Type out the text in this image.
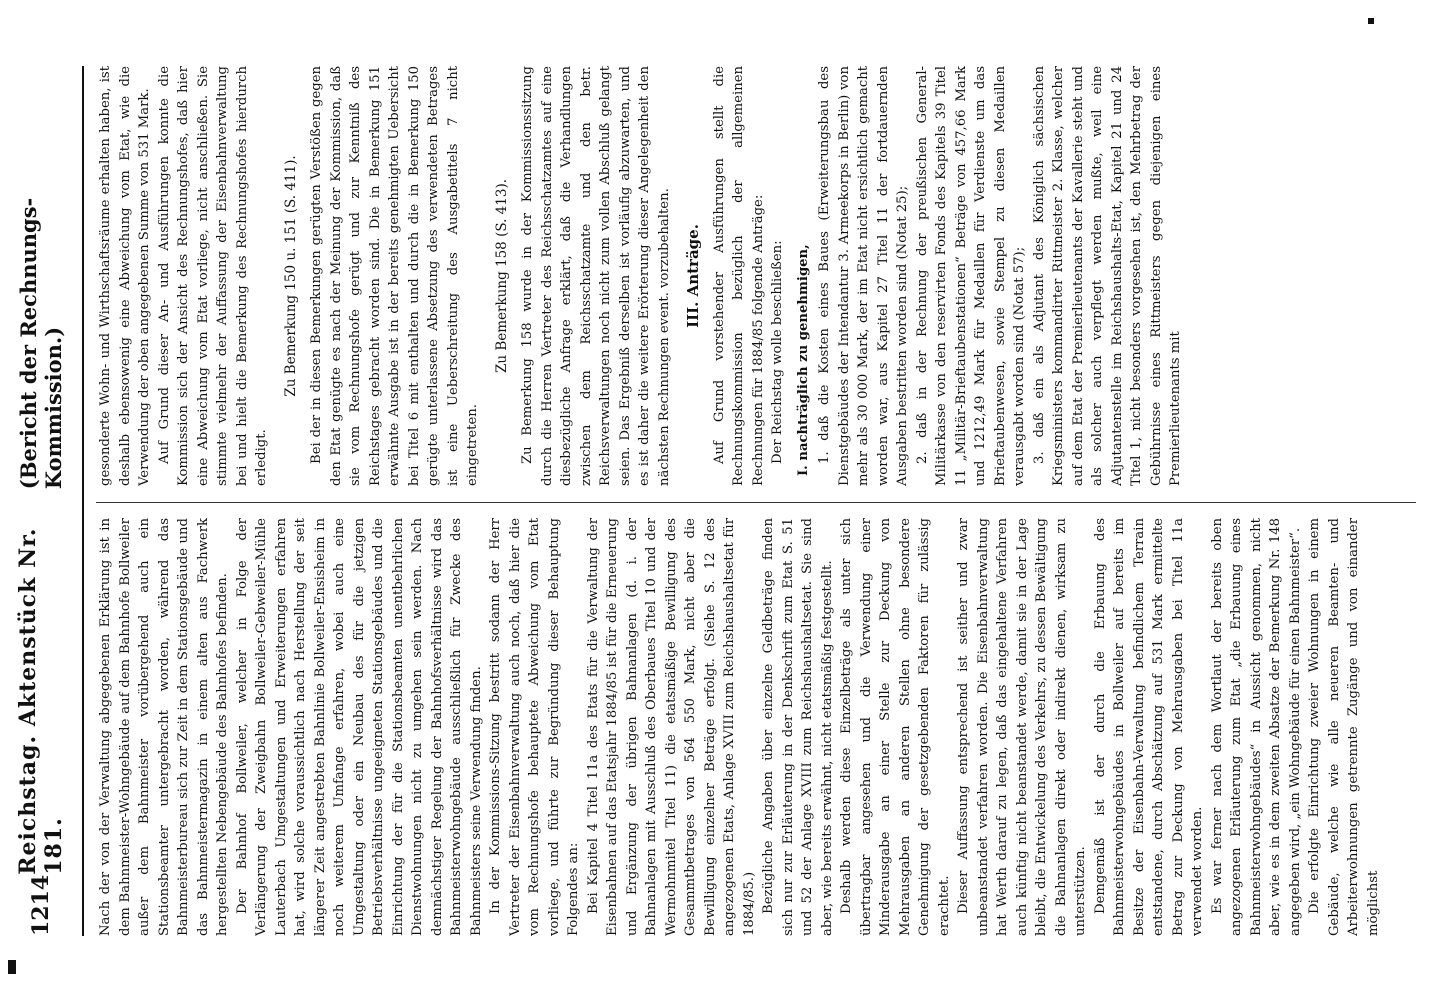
1214
Reichstag. Aktenstück Nr. 181.
(Bericht der Rechnungs-Kommission.)

Nach der von der Verwaltung abgegebenen Erklärung ist in dem Bahnmeister-Wohngebäude auf dem Bahnhofe Bollweiler außer dem Bahnmeister vorübergehend auch ein Stationsbeamter untergebracht worden, während das Bahnmeisterbureau sich zur Zeit in dem Stationsgebäude und das Bahnmeistermagazin in einem alten aus Fachwerk hergestellten Nebengebäude des Bahnhofes befinden. Der Bahnhof Bollweiler, welcher in Folge der Verlängerung der Zweigbahn Bollweiler-Gebweiler-Mühle Lauterbach Umgestaltungen und Erweiterungen erfahren hat, wird solche voraussichtlich nach Herstellung der seit längerer Zeit angestrebten Bahnlinie Bollweiler-Ensisheim in noch weiterem Umfange erfahren, wobei auch eine Umgestaltung oder ein Neubau des für die jetzigen Betriebsverhältnisse ungeeigneten Stationsgebäudes und die Einrichtung der für die Stationsbeamten unentbehrlichen Dienstwohnungen nicht zu umgehen sein werden. Nach demnächstiger Regelung der Bahnhofsverhältnisse wird das Bahnmeisterwohngebäude ausschließlich für Zwecke des Bahnmeisters seine Verwendung finden. In der Kommissions-Sitzung bestritt sodann der Herr Vertreter der Eisenbahnverwaltung auch noch, daß hier die vom Rechnungshofe behauptete Abweichung vom Etat vorliege, und führte zur Begründung dieser Behauptung Folgendes an: Bei Kapitel 4 Titel 11a des Etats für die Verwaltung der Eisenbahnen auf das Etatsjahr 1884/85 ist für die Erneuerung und Ergänzung der übrigen Bahnanlagen (d. i. der Bahnanlagen mit Ausschluß des Oberbaues Titel 10 und der Wermohnmitel Titel 11) die etatsmäßige Bewilligung des Gesammtbetrages von 564 550 Mark, nicht aber die Bewilligung einzelner Beträge erfolgt. (Siehe S. 12 des angezogenen Etats, Anlage XVIII zum Reichshaushaltsetat für 1884/85.) Bezügliche Angaben über einzelne Geldbeträge finden sich nur zur Erläuterung in der Denkschrift zum Etat S. 51 und 52 der Anlage XVIII zum Reichshaushaltsetat. Sie sind aber, wie bereits erwähnt, nicht etatsmäßig festgestellt. Deshalb werden diese Einzelbeträge als unter sich übertragbar angesehen und die Verwendung einer Minderausgabe an einer Stelle zur Deckung von Mehrausgaben an anderen Stellen ohne besondere Genehmigung der gesetzgebenden Faktoren für zulässig erachtet. Dieser Auffassung entsprechend ist seither und zwar unbeanstandet verfahren worden. Die Eisenbahnverwaltung hat Werth darauf zu legen, daß das eingehaltene Verfahren auch künftig nicht beanstandet werde, damit sie in der Lage bleibt, die Entwickelung des Verkehrs, zu dessen Bewältigung die Bahnanlagen direkt oder indirekt dienen, wirksam zu unterstützen. Demgemäß ist der durch die Erbauung des Bahnmeisterwohngebäudes in Bollweiler auf bereits im Besitze der Eisenbahn-Verwaltung befindlichem Terrain entstandene, durch Abschätzung auf 531 Mark ermittelte Betrag zur Deckung von Mehrausgaben bei Titel 11a verwendet worden. Es war ferner nach dem Wortlaut der bereits oben angezogenen Erläuterung zum Etat „die Erbauung eines Bahnmeisterwohngebäudes“ in Aussicht genommen, nicht aber, wie es in dem zweiten Absatze der Bemerkung Nr. 148 angegeben wird, „ein Wohngebäude für einen Bahnmeister“. Die erfolgte Einrichtung zweier Wohnungen in einem Gebäude, welche wie alle neueren Beamten- und Arbeiterwohnungen getrennte Zugänge und von einander möglichst

gesonderte Wohn- und Wirthschaftsräume erhalten haben, ist deshalb ebensowenig eine Abweichung vom Etat, wie die Verwendung der oben angegebenen Summe von 531 Mark. Auf Grund dieser An- und Ausführungen konnte die Kommission sich der Ansicht des Rechnungshofes, daß hier eine Abweichung vom Etat vorliege, nicht anschließen. Sie stimmte vielmehr der Auffassung der Eisenbahnverwaltung bei und hielt die Bemerkung des Rechnungshofes hierdurch erledigt.

Zu Bemerkung 150 u. 151 (S. 411). Bei der in diesen Bemerkungen gerügten Verstößen gegen den Etat genügte es nach der Meinung der Kommission, daß sie vom Rechnungshofe gerügt und zur Kenntniß des Reichstages gebracht worden sind. Die in Bemerkung 151 erwähnte Ausgabe ist in der bereits genehmigten Uebersicht bei Titel 6 mit enthalten und durch die in Bemerkung 150 gerügte unterlassene Absetzung des verwendeten Betrages ist eine Ueberschreitung des Ausgabetitels 7 nicht eingetreten.

Zu Bemerkung 158 (S. 413). Zu Bemerkung 158 wurde in der Kommissionssitzung durch die Herren Vertreter des Reichsschatzamtes auf eine diesbezügliche Anfrage erklärt, daß die Verhandlungen zwischen dem Reichsschatzamte und den betr. Reichsverwaltungen noch nicht zum vollen Abschluß gelangt seien. Das Ergebniß derselben ist vorläufig abzuwarten, und es ist daher die weitere Erörterung dieser Angelegenheit den nächsten Rechnungen event. vorzubehalten. III. Anträge. Auf Grund vorstehender Ausführungen stellt die Rechnungskommission bezüglich der allgemeinen Rechnungen für 1884/85 folgende Anträge: Der Reichstag wolle beschließen: I. nachträglich zu genehmigen, 1. daß die Kosten eines Baues (Erweiterungsbau des Dienstgebäudes der Intendantur 3. Armeekorps in Berlin) von mehr als 30 000 Mark, der im Etat nicht ersichtlich gemacht worden war, aus Kapitel 27 Titel 11 der fortdauernden Ausgaben bestritten worden sind (Notat 25); 2. daß in der Rechnung der preußischen General-Militärkasse von den reservirten Fonds des Kapitels 39 Titel 11 „Militär-Brieftaubenstationen“ Beträge von 457,66 Mark und 1212,49 Mark für Medaillen für Verdienste um das Brieftaubenwesen, sowie Stempel zu diesen Medaillen verausgabt worden sind (Notat 57); 3. daß ein als Adjutant des Königlich sächsischen Kriegsministers kommandirter Rittmeister 2. Klasse, welcher auf dem Etat der Premierlieutenants der Kavallerie steht und als solcher auch verpflegt werden mußte, weil eine Adjutantenstelle im Reichshaushalts-Etat, Kapitel 21 und 24 Titel 1, nicht besonders vorgesehen ist, den Mehrbetrag der Gebührnisse eines Rittmeisters gegen diejenigen eines Premierlieutenants mit
